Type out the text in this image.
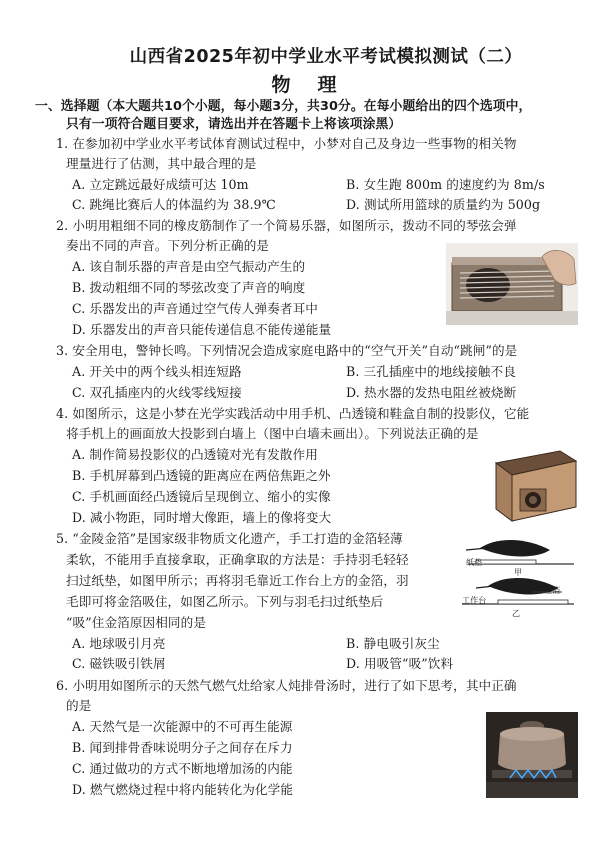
山西省2025年初中学业水平考试模拟测试（二）
物　理
一、选择题（本大题共10个小题，每小题3分，共30分。在每小题给出的四个选项中，
只有一项符合题目要求，请选出并在答题卡上将该项涂黑）
1. 在参加初中学业水平考试体育测试过程中，小梦对自己及身边一些事物的相关物
理量进行了估测，其中最合理的是
A. 立定跳远最好成绩可达 10m	B. 女生跑 800m 的速度约为 8m/s
C. 跳绳比赛后人的体温约为 38.9℃	D. 测试所用篮球的质量约为 500g
2. 小明用粗细不同的橡皮筋制作了一个简易乐器，如图所示，拨动不同的琴弦会弹
奏出不同的声音。下列分析正确的是
A. 该自制乐器的声音是由空气振动产生的
B. 拨动粗细不同的琴弦改变了声音的响度
C. 乐器发出的声音通过空气传人弹奏者耳中
D. 乐器发出的声音只能传递信息不能传递能量
3. 安全用电，警钟长鸣。下列情况会造成家庭电路中的“空气开关”自动“跳闸”的是
A. 开关中的两个线头相连短路	B. 三孔插座中的地线接触不良
C. 双孔插座内的火线零线短接	D. 热水器的发热电阻丝被烧断
4. 如图所示，这是小梦在光学实践活动中用手机、凸透镜和鞋盒自制的投影仪，它能
将手机上的画面放大投影到白墙上（图中白墙未画出）。下列说法正确的是
A. 制作简易投影仪的凸透镜对光有发散作用
B. 手机屏幕到凸透镜的距离应在两倍焦距之外
C. 手机画面经凸透镜后呈现倒立、缩小的实像
D. 减小物距，同时增大像距，墙上的像将变大
5. “金陵金箔”是国家级非物质文化遗产，手工打造的金箔轻薄
柔软，不能用手直接拿取，正确拿取的方法是：手持羽毛轻轻
扫过纸垫，如图甲所示；再将羽毛靠近工作台上方的金箔，羽
毛即可将金箔吸住，如图乙所示。下列与羽毛扫过纸垫后
“吸”住金箔原因相同的是
A. 地球吸引月亮	B. 静电吸引灰尘
C. 磁铁吸引铁屑	D. 用吸管“吸”饮料
纸垫
甲
金箔
工作台
乙
6. 小明用如图所示的天然气燃气灶给家人炖排骨汤时，进行了如下思考，其中正确
的是
A. 天然气是一次能源中的不可再生能源
B. 闻到排骨香味说明分子之间存在斥力
C. 通过做功的方式不断地增加汤的内能
D. 燃气燃烧过程中将内能转化为化学能
